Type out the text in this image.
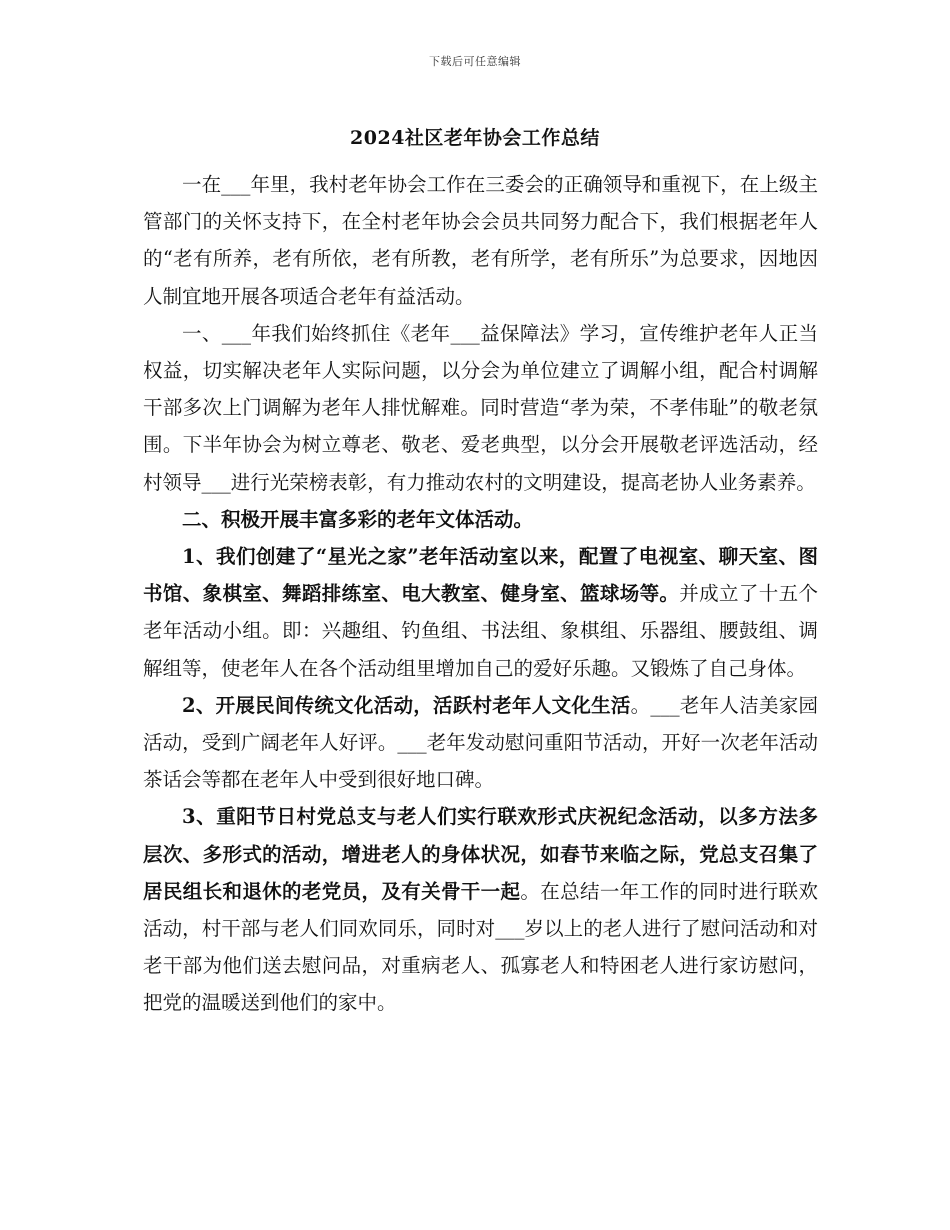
下载后可任意编辑
2024社区老年协会工作总结

一在___年里，我村老年协会工作在三委会的正确领导和重视下，在上级主管部门的关怀支持下，在全村老年协会会员共同努力配合下，我们根据老年人的“老有所养，老有所依，老有所教，老有所学，老有所乐”为总要求，因地因人制宜地开展各项适合老年有益活动。

一、___年我们始终抓住《老年___益保障法》学习，宣传维护老年人正当权益，切实解决老年人实际问题，以分会为单位建立了调解小组，配合村调解干部多次上门调解为老年人排忧解难。同时营造“孝为荣，不孝伟耻”的敬老氛围。下半年协会为树立尊老、敬老、爱老典型，以分会开展敬老评选活动，经村领导___进行光荣榜表彰，有力推动农村的文明建设，提高老协人业务素养。

二、积极开展丰富多彩的老年文体活动。

1、我们创建了“星光之家”老年活动室以来，配置了电视室、聊天室、图书馆、象棋室、舞蹈排练室、电大教室、健身室、篮球场等。并成立了十五个老年活动小组。即：兴趣组、钓鱼组、书法组、象棋组、乐器组、腰鼓组、调解组等，使老年人在各个活动组里增加自己的爱好乐趣。又锻炼了自己身体。

2、开展民间传统文化活动，活跃村老年人文化生活。___老年人洁美家园活动，受到广阔老年人好评。___老年发动慰问重阳节活动，开好一次老年活动茶话会等都在老年人中受到很好地口碑。

3、重阳节日村党总支与老人们实行联欢形式庆祝纪念活动，以多方法多层次、多形式的活动，增进老人的身体状况，如春节来临之际，党总支召集了居民组长和退休的老党员，及有关骨干一起。在总结一年工作的同时进行联欢活动，村干部与老人们同欢同乐，同时对___岁以上的老人进行了慰问活动和对老干部为他们送去慰问品，对重病老人、孤寡老人和特困老人进行家访慰问，把党的温暖送到他们的家中。
